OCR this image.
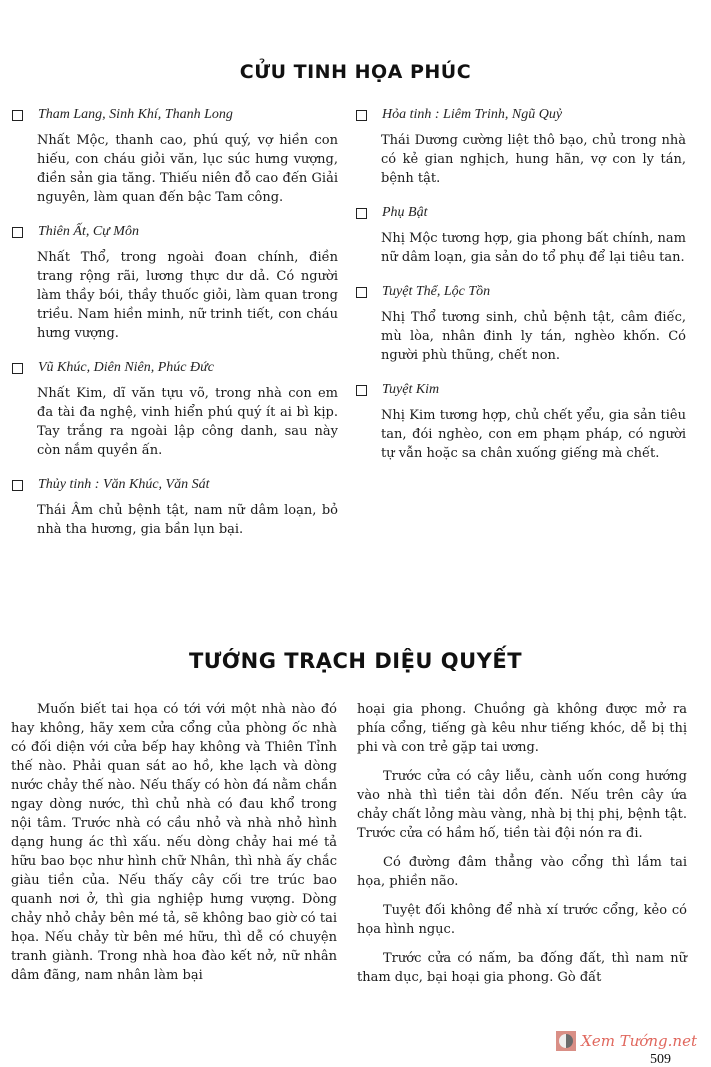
CỬU TINH HỌA PHÚC
Tham Lang, Sinh Khí, Thanh Long
Nhất Mộc, thanh cao, phú quý, vợ hiền con hiếu, con cháu giỏi văn, lục súc hưng vượng, điền sản gia tăng. Thiếu niên đỗ cao đến Giải nguyên, làm quan đến bậc Tam công.
Thiên Ất, Cự Môn
Nhất Thổ, trong ngoài đoan chính, điền trang rộng rãi, lương thực dư dả. Có người làm thầy bói, thầy thuốc giỏi, làm quan trong triều. Nam hiền minh, nữ trinh tiết, con cháu hưng vượng.
Vũ Khúc, Diên Niên, Phúc Đức
Nhất Kim, dĩ văn tựu võ, trong nhà con em đa tài đa nghệ, vinh hiển phú quý ít ai bì kịp. Tay trắng ra ngoài lập công danh, sau này còn nắm quyền ấn.
Thủy tinh : Văn Khúc, Văn Sát
Thái Âm chủ bệnh tật, nam nữ dâm loạn, bỏ nhà tha hương, gia bần lụn bại.
Hỏa tinh : Liêm Trinh, Ngũ Quỷ
Thái Dương cường liệt thô bạo, chủ trong nhà có kẻ gian nghịch, hung hãn, vợ con ly tán, bệnh tật.
Phụ Bật
Nhị Mộc tương hợp, gia phong bất chính, nam nữ dâm loạn, gia sản do tổ phụ để lại tiêu tan.
Tuyệt Thể, Lộc Tồn
Nhị Thổ tương sinh, chủ bệnh tật, câm điếc, mù lòa, nhân đinh ly tán, nghèo khốn. Có người phù thũng, chết non.
Tuyệt Kim
Nhị Kim tương hợp, chủ chết yểu, gia sản tiêu tan, đói nghèo, con em phạm pháp, có người tự vẫn hoặc sa chân xuống giếng mà chết.
TƯỚNG TRẠCH DIỆU QUYẾT

Muốn biết tai họa có tới với một nhà nào đó hay không, hãy xem cửa cổng của phòng ốc nhà có đối diện với cửa bếp hay không và Thiên Tỉnh thế nào. Phải quan sát ao hồ, khe lạch và dòng nước chảy thế nào. Nếu thấy có hòn đá nằm chắn ngay dòng nước, thì chủ nhà có đau khổ trong nội tâm. Trước nhà có cầu nhỏ và nhà nhỏ hình dạng hung ác thì xấu. nếu dòng chảy hai mé tả hữu bao bọc như hình chữ Nhân, thì nhà ấy chắc giàu tiền của. Nếu thấy cây cối tre trúc bao quanh nơi ở, thì gia nghiệp hưng vượng. Dòng chảy nhỏ chảy bên mé tả, sẽ không bao giờ có tai họa. Nếu chảy từ bên mé hữu, thì dễ có chuyện tranh giành. Trong nhà hoa đào kết nở, nữ nhân dâm đãng, nam nhân làm bại

hoại gia phong. Chuồng gà không được mở ra phía cổng, tiếng gà kêu như tiếng khóc, dễ bị thị phi và con trẻ gặp tai ương.

Trước cửa có cây liễu, cành uốn cong hướng vào nhà thì tiền tài dồn đến. Nếu trên cây ứa chảy chất lỏng màu vàng, nhà bị thị phị, bệnh tật. Trước cửa có hầm hố, tiền tài đội nón ra đi.

Có đường đâm thẳng vào cổng thì lắm tai họa, phiền não.

Tuyệt đối không để nhà xí trước cổng, kẻo có họa hình ngục.

Trước cửa có nấm, ba đống đất, thì nam nữ tham dục, bại hoại gia phong. Gò đất

Xem Tướng.net
509
